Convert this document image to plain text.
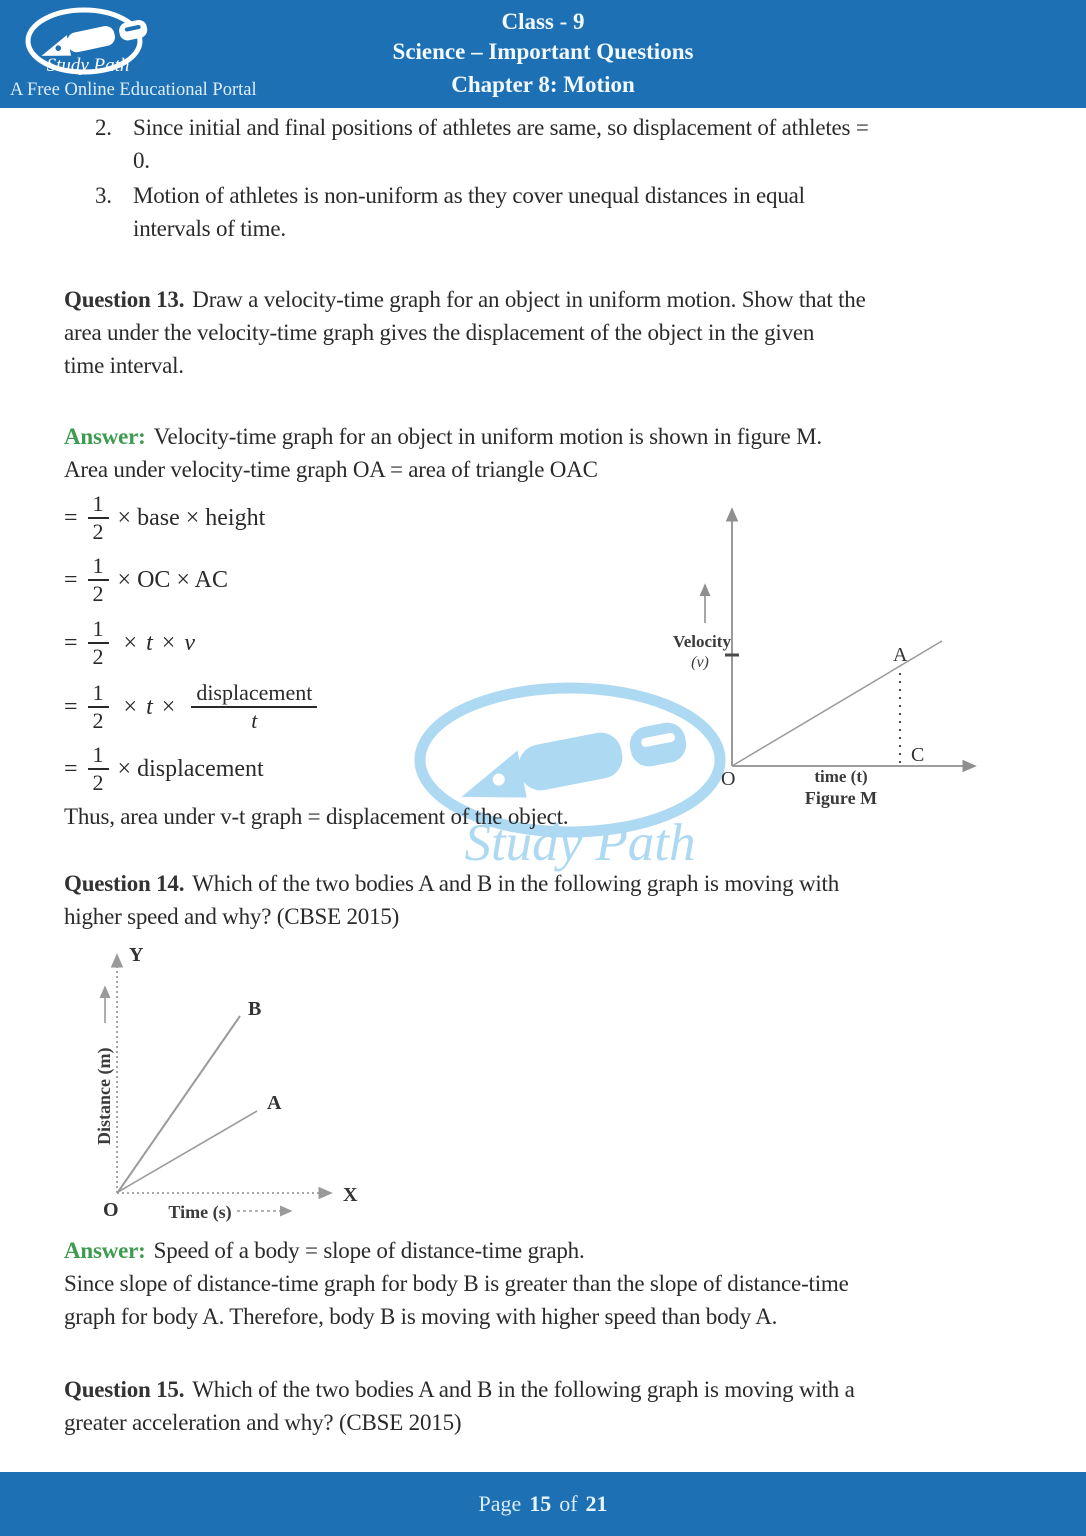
Study Path
A Free Online Educational Portal
Class - 9
Science – Important Questions
Chapter 8: Motion
Study Path
2. Since initial and final positions of athletes are same, so displacement of athletes =
0.
3. Motion of athletes is non-uniform as they cover unequal distances in equal
intervals of time.
Question 13. Draw a velocity-time graph for an object in uniform motion. Show that the
area under the velocity-time graph gives the displacement of the object in the given
time interval.
Answer: Velocity-time graph for an object in uniform motion is shown in figure M.
Area under velocity-time graph OA = area of triangle OAC
= $\frac{1}{2}$ × base × height
= $\frac{1}{2}$ × OC × AC
= $\frac{1}{2} \times t \times v$
= $\frac{1}{2} \times t \times \frac{\text{displacement}}{t}$
= $\frac{1}{2}$ × displacement
Thus, area under v-t graph = displacement of the object.
Velocity
(v)	A
C
O	time (t)
Figure M
Question 14. Which of the two bodies A and B in the following graph is moving with
higher speed and why? (CBSE 2015)
Y
X
O
B
A
Distance (m)
Time (s)
Answer: Speed of a body = slope of distance-time graph.
Since slope of distance-time graph for body B is greater than the slope of distance-time
graph for body A. Therefore, body B is moving with higher speed than body A.
Question 15. Which of the two bodies A and B in the following graph is moving with a
greater acceleration and why? (CBSE 2015)
Page 15 of 21
